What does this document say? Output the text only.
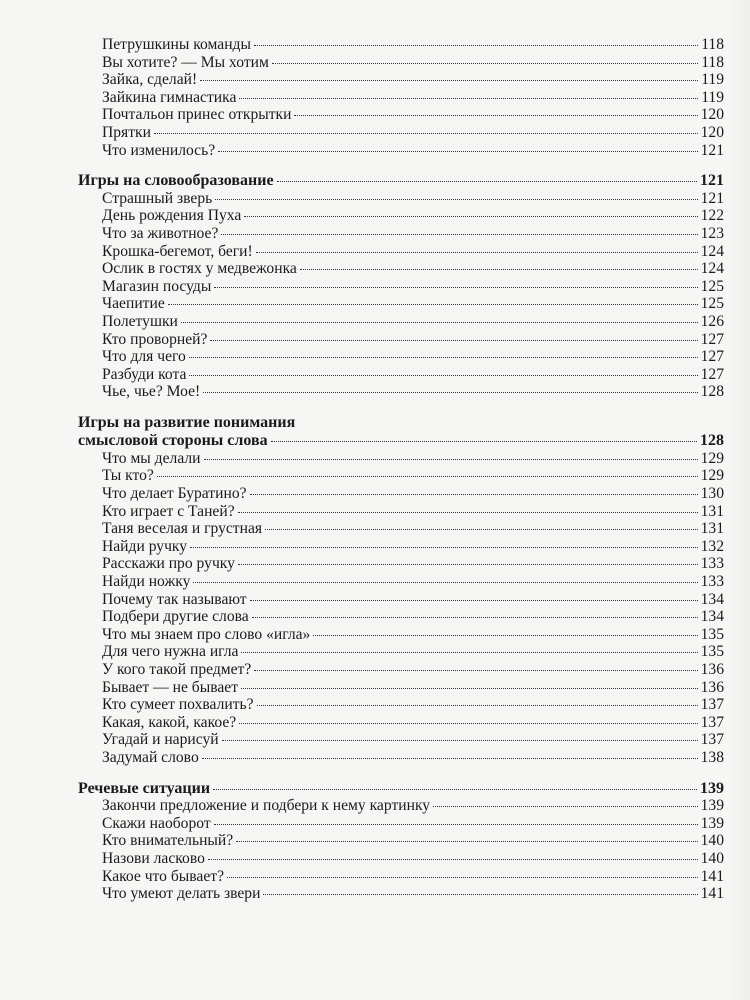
Петрушкины команды	118
Вы хотите? — Мы хотим	118
Зайка, сделай!	119
Зайкина гимнастика	119
Почтальон принес открытки	120
Прятки	120
Что изменилось?	121
Игры на словообразование	121
Страшный зверь	121
День рождения Пуха	122
Что за животное?	123
Крошка-бегемот, беги!	124
Ослик в гостях у медвежонка	124
Магазин посуды	125
Чаепитие	125
Полетушки	126
Кто проворней?	127
Что для чего	127
Разбуди кота	127
Чье, чье? Мое!	128
Игры на развитие понимания
смысловой стороны слова	128
Что мы делали	129
Ты кто?	129
Что делает Буратино?	130
Кто играет с Таней?	131
Таня веселая и грустная	131
Найди ручку	132
Расскажи про ручку	133
Найди ножку	133
Почему так называют	134
Подбери другие слова	134
Что мы знаем про слово «игла»	135
Для чего нужна игла	135
У кого такой предмет?	136
Бывает — не бывает	136
Кто сумеет похвалить?	137
Какая, какой, какое?	137
Угадай и нарисуй	137
Задумай слово	138
Речевые ситуации	139
Закончи предложение и подбери к нему картинку	139
Скажи наоборот	139
Кто внимательный?	140
Назови ласково	140
Какое что бывает?	141
Что умеют делать звери	141
